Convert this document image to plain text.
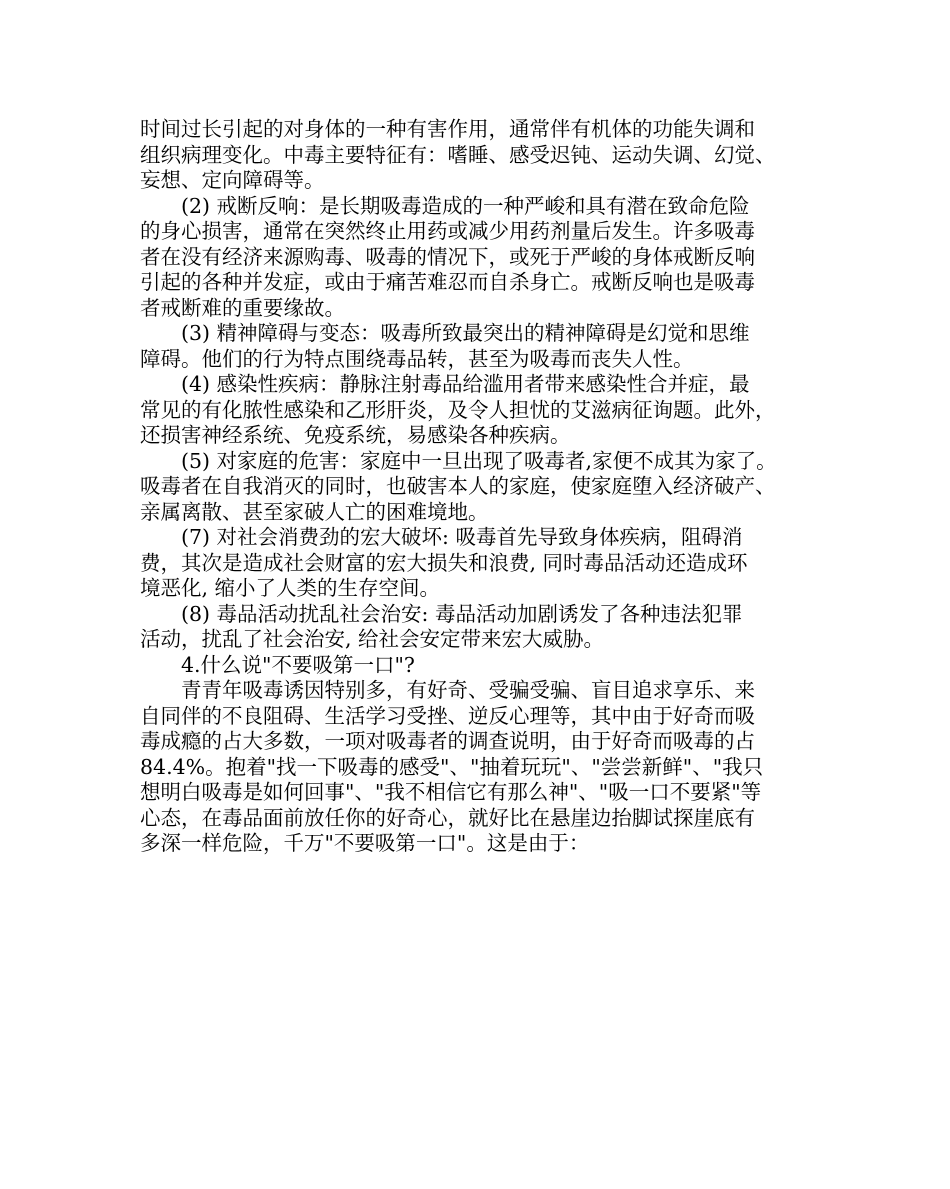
时间过长引起的对身体的一种有害作用，通常伴有机体的功能失调和

组织病理变化。中毒主要特征有：嗜睡、感受迟钝、运动失调、幻觉、

妄想、定向障碍等。

(2) 戒断反响：是长期吸毒造成的一种严峻和具有潜在致命危险

的身心损害，通常在突然终止用药或减少用药剂量后发生。许多吸毒

者在没有经济来源购毒、吸毒的情况下，或死于严峻的身体戒断反响

引起的各种并发症，或由于痛苦难忍而自杀身亡。戒断反响也是吸毒

者戒断难的重要缘故。

(3) 精神障碍与变态：吸毒所致最突出的精神障碍是幻觉和思维

障碍。他们的行为特点围绕毒品转，甚至为吸毒而丧失人性。

(4) 感染性疾病：静脉注射毒品给滥用者带来感染性合并症，最

常见的有化脓性感染和乙形肝炎，及令人担忧的艾滋病征询题。此外，

还损害神经系统、免疫系统，易感染各种疾病。

(5) 对家庭的危害：家庭中一旦出现了吸毒者,家便不成其为家了。

吸毒者在自我消灭的同时，也破害本人的家庭，使家庭堕入经济破产、

亲属离散、甚至家破人亡的困难境地。

(7) 对社会消费劲的宏大破坏: 吸毒首先导致身体疾病，阻碍消

费，其次是造成社会财富的宏大损失和浪费, 同时毒品活动还造成环

境恶化, 缩小了人类的生存空间。

(8) 毒品活动扰乱社会治安: 毒品活动加剧诱发了各种违法犯罪

活动，扰乱了社会治安, 给社会安定带来宏大威胁。

4.什么说"不要吸第一口"?

青青年吸毒诱因特别多，有好奇、受骗受骗、盲目追求享乐、来

自同伴的不良阻碍、生活学习受挫、逆反心理等，其中由于好奇而吸

毒成瘾的占大多数，一项对吸毒者的调查说明，由于好奇而吸毒的占

84.4%。抱着"找一下吸毒的感受"、"抽着玩玩"、"尝尝新鲜"、"我只

想明白吸毒是如何回事"、"我不相信它有那么神"、"吸一口不要紧"等

心态，在毒品面前放任你的好奇心，就好比在悬崖边抬脚试探崖底有

多深一样危险，千万"不要吸第一口"。这是由于：
